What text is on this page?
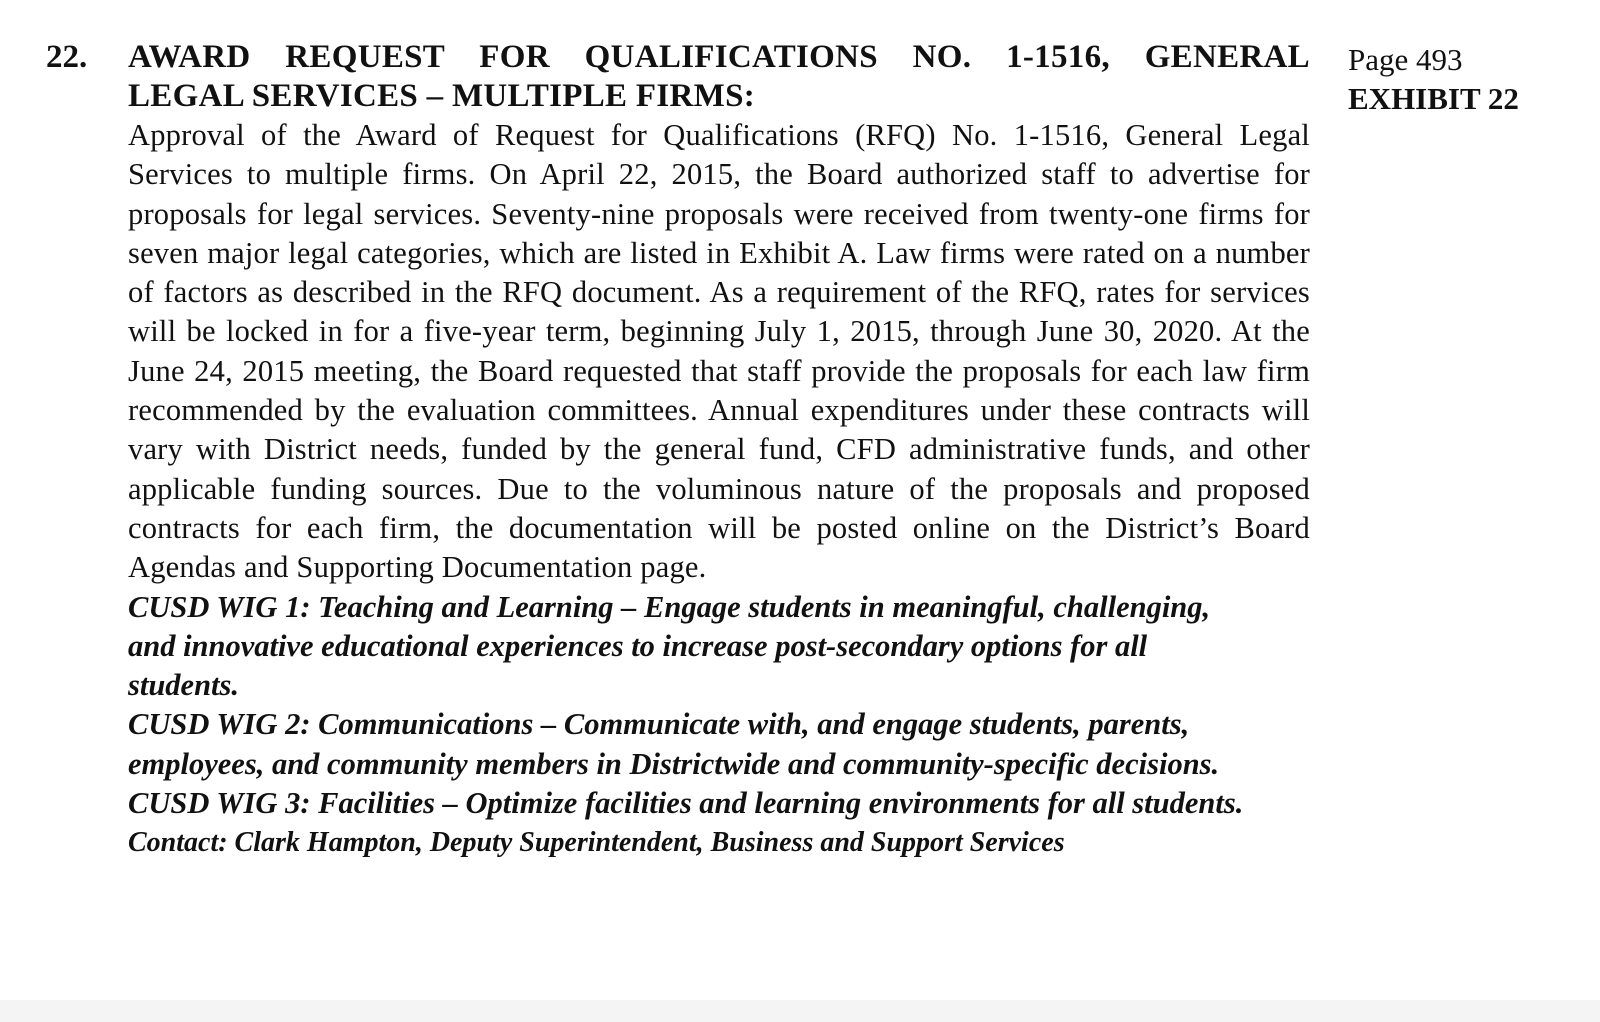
22. AWARD REQUEST FOR QUALIFICATIONS NO. 1-1516, GENERAL
LEGAL SERVICES – MULTIPLE FIRMS:

Approval of the Award of Request for Qualifications (RFQ) No. 1-1516, General Legal Services to multiple firms. On April 22, 2015, the Board authorized staff to advertise for proposals for legal services. Seventy-nine proposals were received from twenty-one firms for seven major legal categories, which are listed in Exhibit A. Law firms were rated on a number of factors as described in the RFQ document. As a requirement of the RFQ, rates for services will be locked in for a five-year term, beginning July 1, 2015, through June 30, 2020. At the June 24, 2015 meeting, the Board requested that staff provide the proposals for each law firm recommended by the evaluation committees. Annual expenditures under these contracts will vary with District needs, funded by the general fund, CFD administrative funds, and other applicable funding sources. Due to the voluminous nature of the proposals and proposed contracts for each firm, the documentation will be posted online on the District’s Board Agendas and Supporting Documentation page.

CUSD WIG 1: Teaching and Learning – Engage students in meaningful, challenging, and innovative educational experiences to increase post-secondary options for all students.

CUSD WIG 2: Communications – Communicate with, and engage students, parents, employees, and community members in Districtwide and community-specific decisions.

CUSD WIG 3: Facilities – Optimize facilities and learning environments for all students.

Contact: Clark Hampton, Deputy Superintendent, Business and Support Services

Page 493
EXHIBIT 22
